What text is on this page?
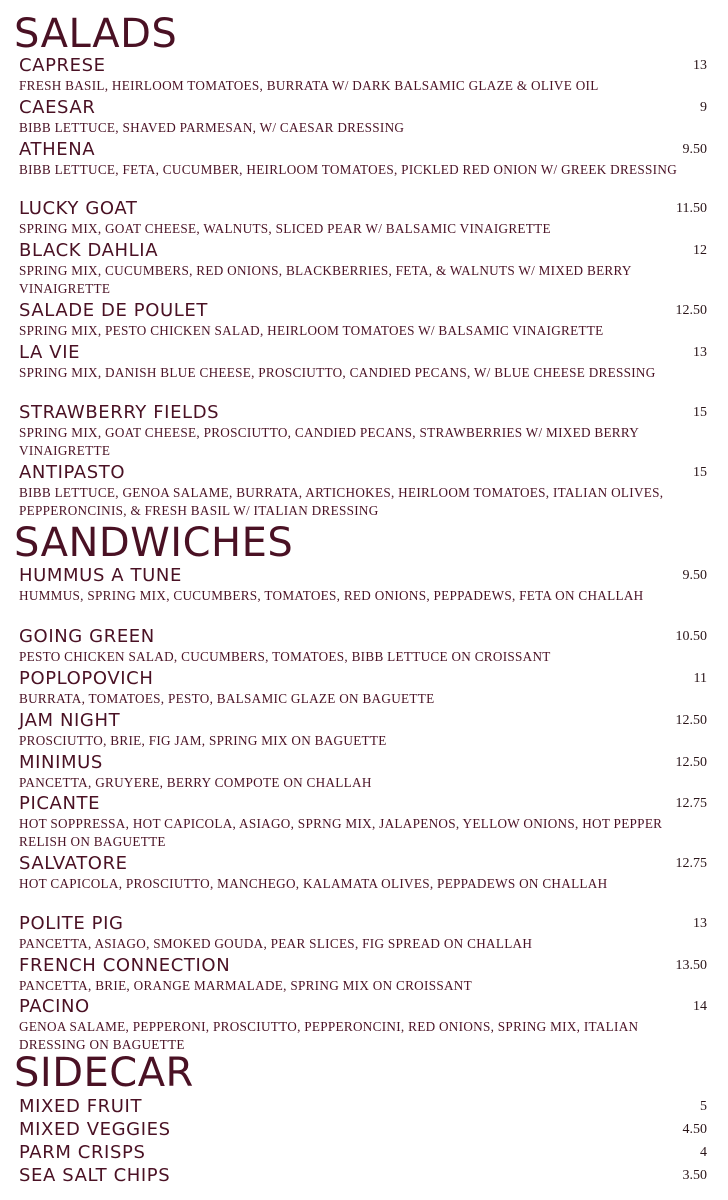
SALADS
CAPRESE	13
FRESH BASIL, HEIRLOOM TOMATOES, BURRATA W/ DARK BALSAMIC GLAZE & OLIVE OIL
CAESAR	9
BIBB LETTUCE, SHAVED PARMESAN, W/ CAESAR DRESSING
ATHENA	9.50
BIBB LETTUCE, FETA, CUCUMBER, HEIRLOOM TOMATOES, PICKLED RED ONION W/ GREEK DRESSING
LUCKY GOAT	11.50
SPRING MIX, GOAT CHEESE, WALNUTS, SLICED PEAR W/ BALSAMIC VINAIGRETTE
BLACK DAHLIA	12
SPRING MIX, CUCUMBERS, RED ONIONS, BLACKBERRIES, FETA, & WALNUTS W/ MIXED BERRY VINAIGRETTE
SALADE DE POULET	12.50
SPRING MIX, PESTO CHICKEN SALAD, HEIRLOOM TOMATOES W/ BALSAMIC VINAIGRETTE
LA VIE	13
SPRING MIX, DANISH BLUE CHEESE, PROSCIUTTO, CANDIED PECANS, W/ BLUE CHEESE DRESSING
STRAWBERRY FIELDS	15
SPRING MIX, GOAT CHEESE, PROSCIUTTO, CANDIED PECANS, STRAWBERRIES W/ MIXED BERRY VINAIGRETTE
ANTIPASTO	15
BIBB LETTUCE, GENOA SALAME, BURRATA, ARTICHOKES, HEIRLOOM TOMATOES, ITALIAN OLIVES, PEPPERONCINIS, & FRESH BASIL W/ ITALIAN DRESSING
SANDWICHES
HUMMUS A TUNE	9.50
HUMMUS, SPRING MIX, CUCUMBERS, TOMATOES, RED ONIONS, PEPPADEWS, FETA ON CHALLAH
GOING GREEN	10.50
PESTO CHICKEN SALAD, CUCUMBERS, TOMATOES, BIBB LETTUCE ON CROISSANT
POPLOPOVICH	11
BURRATA, TOMATOES, PESTO, BALSAMIC GLAZE ON BAGUETTE
JAM NIGHT	12.50
PROSCIUTTO, BRIE, FIG JAM, SPRING MIX ON BAGUETTE
MINIMUS	12.50
PANCETTA, GRUYERE, BERRY COMPOTE ON CHALLAH
PICANTE	12.75
HOT SOPPRESSA, HOT CAPICOLA, ASIAGO, SPRNG MIX, JALAPENOS, YELLOW ONIONS, HOT PEPPER RELISH ON BAGUETTE
SALVATORE	12.75
HOT CAPICOLA, PROSCIUTTO, MANCHEGO, KALAMATA OLIVES, PEPPADEWS ON CHALLAH
POLITE PIG	13
PANCETTA, ASIAGO, SMOKED GOUDA, PEAR SLICES, FIG SPREAD ON CHALLAH
FRENCH CONNECTION	13.50
PANCETTA, BRIE, ORANGE MARMALADE, SPRING MIX ON CROISSANT
PACINO	14
GENOA SALAME, PEPPERONI, PROSCIUTTO, PEPPERONCINI, RED ONIONS, SPRING MIX, ITALIAN DRESSING ON BAGUETTE
SIDECAR
MIXED FRUIT	5
MIXED VEGGIES	4.50
PARM CRISPS	4
SEA SALT CHIPS	3.50
